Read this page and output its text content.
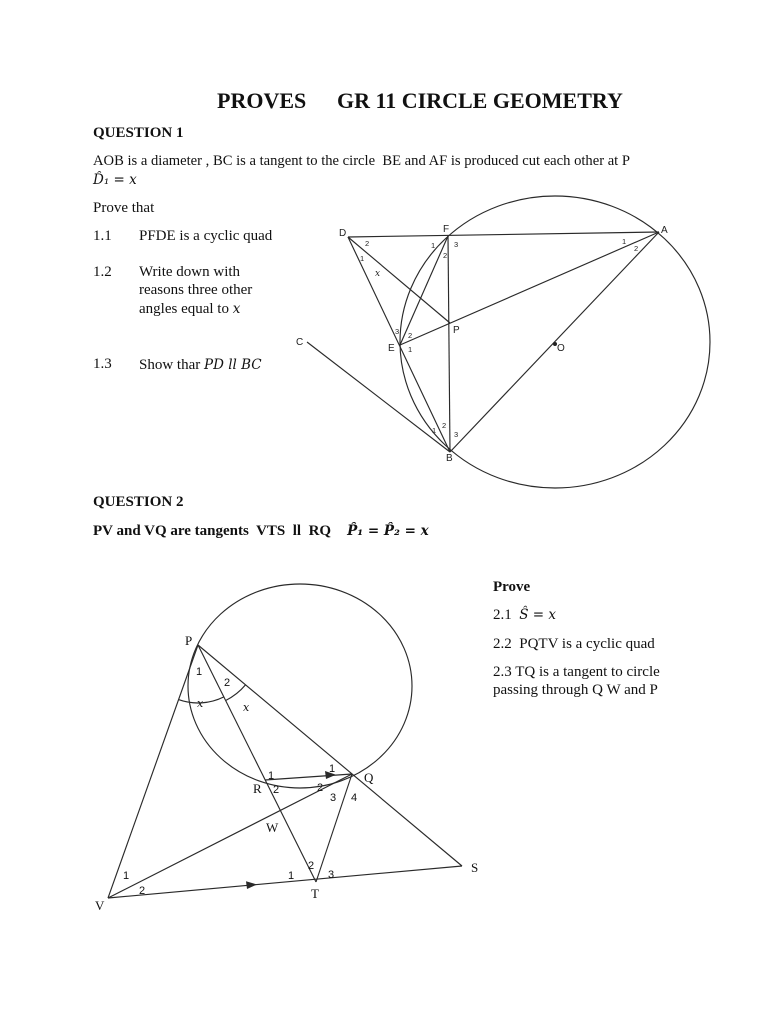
PROVES GR 11 CIRCLE GEOMETRY
QUESTION 1
AOB is a diameter , BC is a tangent to the circle  BE and AF is produced cut each other at P
D̂₁ = x
Prove that
1.1 PFDE is a cyclic quad
1.2 Write down with
reasons three other
angles equal to x
1.3 Show thar PD ll BC
D	F	A
P
E	O
B
C
1
2
x
1
2
3	1
2
1
2
3
1
2
3
QUESTION 2
PV and VQ are tangents  VTS  ll  RQ P̂₁ = P̂₂ = x
Prove
2.1 Ŝ = x
2.2 PQTV is a cyclic quad
2.3 TQ is a tangent to circle
passing through Q W and P
P
R
Q
W
V
T
S
1
2
x	x
1
2
1
2
3 4
1
2
1
2
3
